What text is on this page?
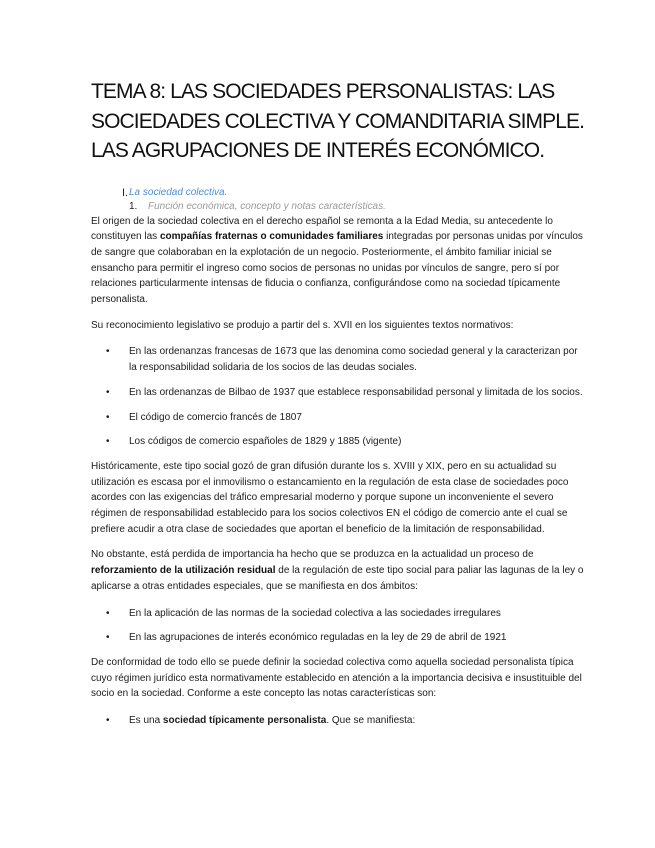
TEMA 8: LAS SOCIEDADES PERSONALISTAS: LAS SOCIEDADES COLECTIVA Y COMANDITARIA SIMPLE. LAS AGRUPACIONES DE INTERÉS ECONÓMICO.
I. La sociedad colectiva.
1. Función económica, concepto y notas características.

El origen de la sociedad colectiva en el derecho español se remonta a la Edad Media, su antecedente lo constituyen las compañías fraternas o comunidades familiares integradas por personas unidas por vínculos de sangre que colaboraban en la explotación de un negocio. Posteriormente, el ámbito familiar inicial se ensancho para permitir el ingreso como socios de personas no unidas por vínculos de sangre, pero sí por relaciones particularmente intensas de fiducia o confianza, configurándose como na sociedad típicamente personalista.

Su reconocimiento legislativo se produjo a partir del s. XVII en los siguientes textos normativos:

• En las ordenanzas francesas de 1673 que las denomina como sociedad general y la caracterizan por la responsabilidad solidaria de los socios de las deudas sociales.
• En las ordenanzas de Bilbao de 1937 que establece responsabilidad personal y limitada de los socios.
• El código de comercio francés de 1807
• Los códigos de comercio españoles de 1829 y 1885 (vigente)

Históricamente, este tipo social gozó de gran difusión durante los s. XVIII y XIX, pero en su actualidad su utilización es escasa por el inmovilismo o estancamiento en la regulación de esta clase de sociedades poco acordes con las exigencias del tráfico empresarial moderno y porque supone un inconveniente el severo régimen de responsabilidad establecido para los socios colectivos EN el código de comercio ante el cual se prefiere acudir a otra clase de sociedades que aportan el beneficio de la limitación de responsabilidad.

No obstante, está perdida de importancia ha hecho que se produzca en la actualidad un proceso de reforzamiento de la utilización residual de la regulación de este tipo social para paliar las lagunas de la ley o aplicarse a otras entidades especiales, que se manifiesta en dos ámbitos:

• En la aplicación de las normas de la sociedad colectiva a las sociedades irregulares
• En las agrupaciones de interés económico reguladas en la ley de 29 de abril de 1921

De conformidad de todo ello se puede definir la sociedad colectiva como aquella sociedad personalista típica cuyo régimen jurídico esta normativamente establecido en atención a la importancia decisiva e insustituible del socio en la sociedad. Conforme a este concepto las notas características son:

• Es una sociedad típicamente personalista. Que se manifiesta:
